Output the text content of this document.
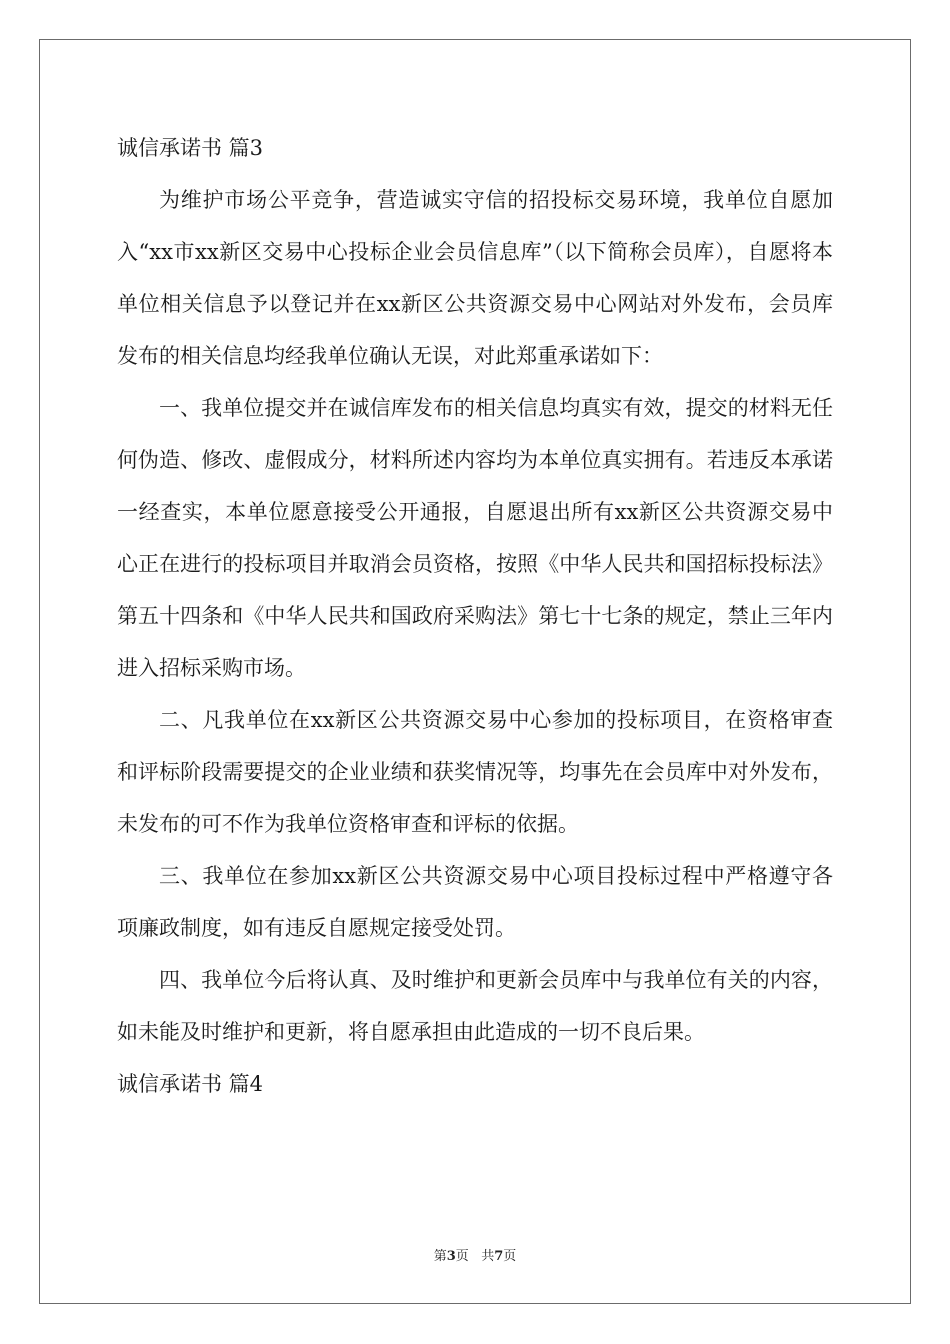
诚信承诺书 篇3

为维护市场公平竞争，营造诚实守信的招投标交易环境，我单位自愿加入“xx市xx新区交易中心投标企业会员信息库”（以下简称会员库），自愿将本单位相关信息予以登记并在xx新区公共资源交易中心网站对外发布，会员库发布的相关信息均经我单位确认无误，对此郑重承诺如下：

一、我单位提交并在诚信库发布的相关信息均真实有效，提交的材料无任何伪造、修改、虚假成分，材料所述内容均为本单位真实拥有。若违反本承诺一经查实，本单位愿意接受公开通报，自愿退出所有xx新区公共资源交易中心正在进行的投标项目并取消会员资格，按照《中华人民共和国招标投标法》第五十四条和《中华人民共和国政府采购法》第七十七条的规定，禁止三年内进入招标采购市场。

二、凡我单位在xx新区公共资源交易中心参加的投标项目，在资格审查和评标阶段需要提交的企业业绩和获奖情况等，均事先在会员库中对外发布，未发布的可不作为我单位资格审查和评标的依据。

三、我单位在参加xx新区公共资源交易中心项目投标过程中严格遵守各项廉政制度，如有违反自愿规定接受处罚。

四、我单位今后将认真、及时维护和更新会员库中与我单位有关的内容，如未能及时维护和更新，将自愿承担由此造成的一切不良后果。

诚信承诺书 篇4

第3页 共7页
